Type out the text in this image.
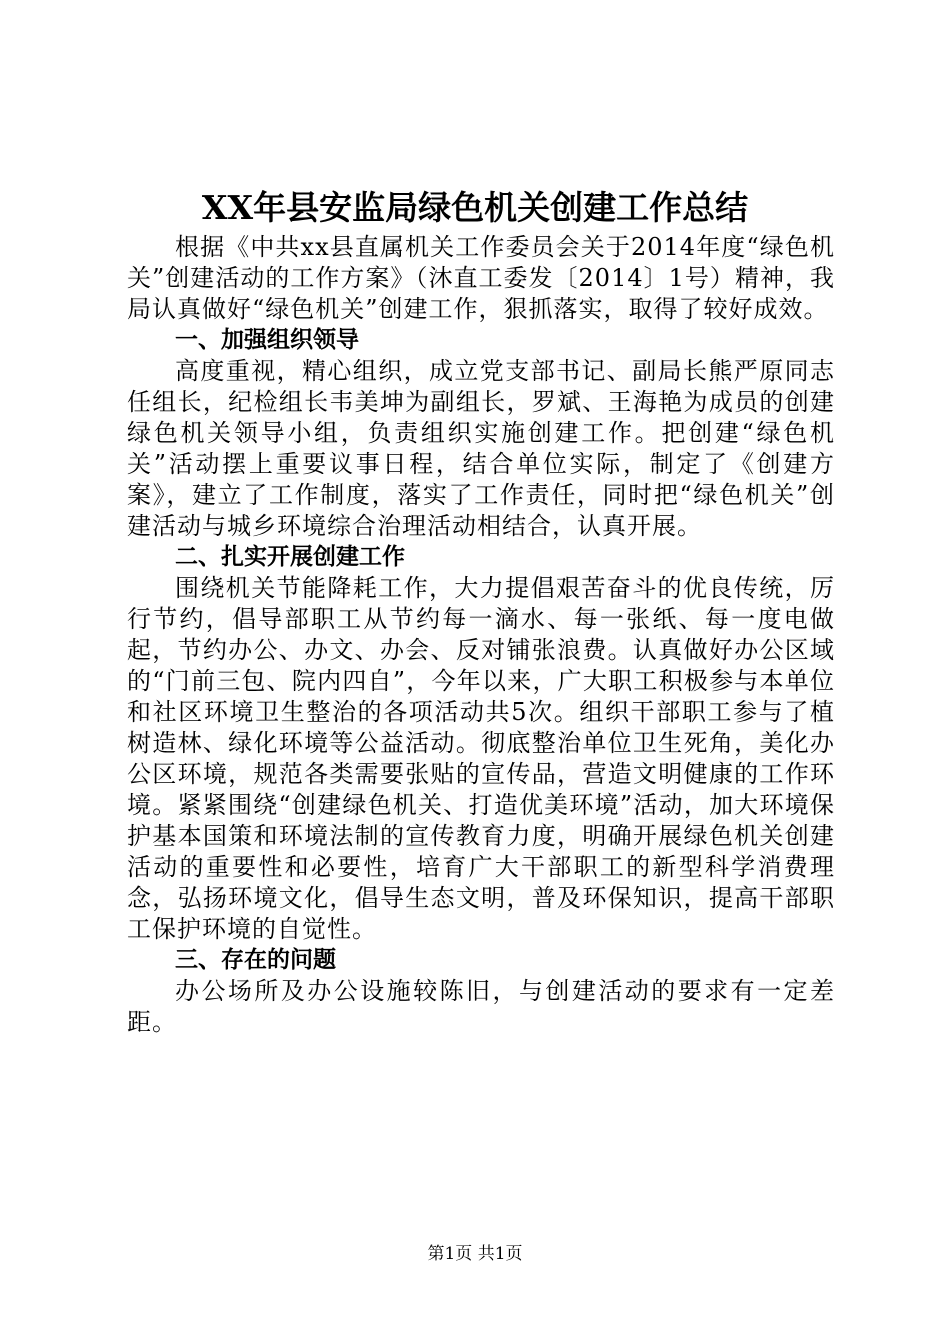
XX年县安监局绿色机关创建工作总结

根据《中共xx县直属机关工作委员会关于2014年度“绿色机关”创建活动的工作方案》（沐直工委发〔2014〕1号）精神，我局认真做好“绿色机关”创建工作，狠抓落实，取得了较好成效。

一、加强组织领导

高度重视，精心组织，成立党支部书记、副局长熊严原同志任组长，纪检组长韦美坤为副组长，罗斌、王海艳为成员的创建绿色机关领导小组，负责组织实施创建工作。把创建“绿色机关”活动摆上重要议事日程，结合单位实际，制定了《创建方案》，建立了工作制度，落实了工作责任，同时把“绿色机关”创建活动与城乡环境综合治理活动相结合，认真开展。

二、扎实开展创建工作

围绕机关节能降耗工作，大力提倡艰苦奋斗的优良传统，厉行节约，倡导部职工从节约每一滴水、每一张纸、每一度电做起，节约办公、办文、办会、反对铺张浪费。认真做好办公区域的“门前三包、院内四自”，今年以来，广大职工积极参与本单位和社区环境卫生整治的各项活动共5次。组织干部职工参与了植树造林、绿化环境等公益活动。彻底整治单位卫生死角，美化办公区环境，规范各类需要张贴的宣传品，营造文明健康的工作环境。紧紧围绕“创建绿色机关、打造优美环境”活动，加大环境保护基本国策和环境法制的宣传教育力度，明确开展绿色机关创建活动的重要性和必要性，培育广大干部职工的新型科学消费理念，弘扬环境文化，倡导生态文明，普及环保知识，提高干部职工保护环境的自觉性。

三、存在的问题

办公场所及办公设施较陈旧，与创建活动的要求有一定差距。

第1页 共1页
